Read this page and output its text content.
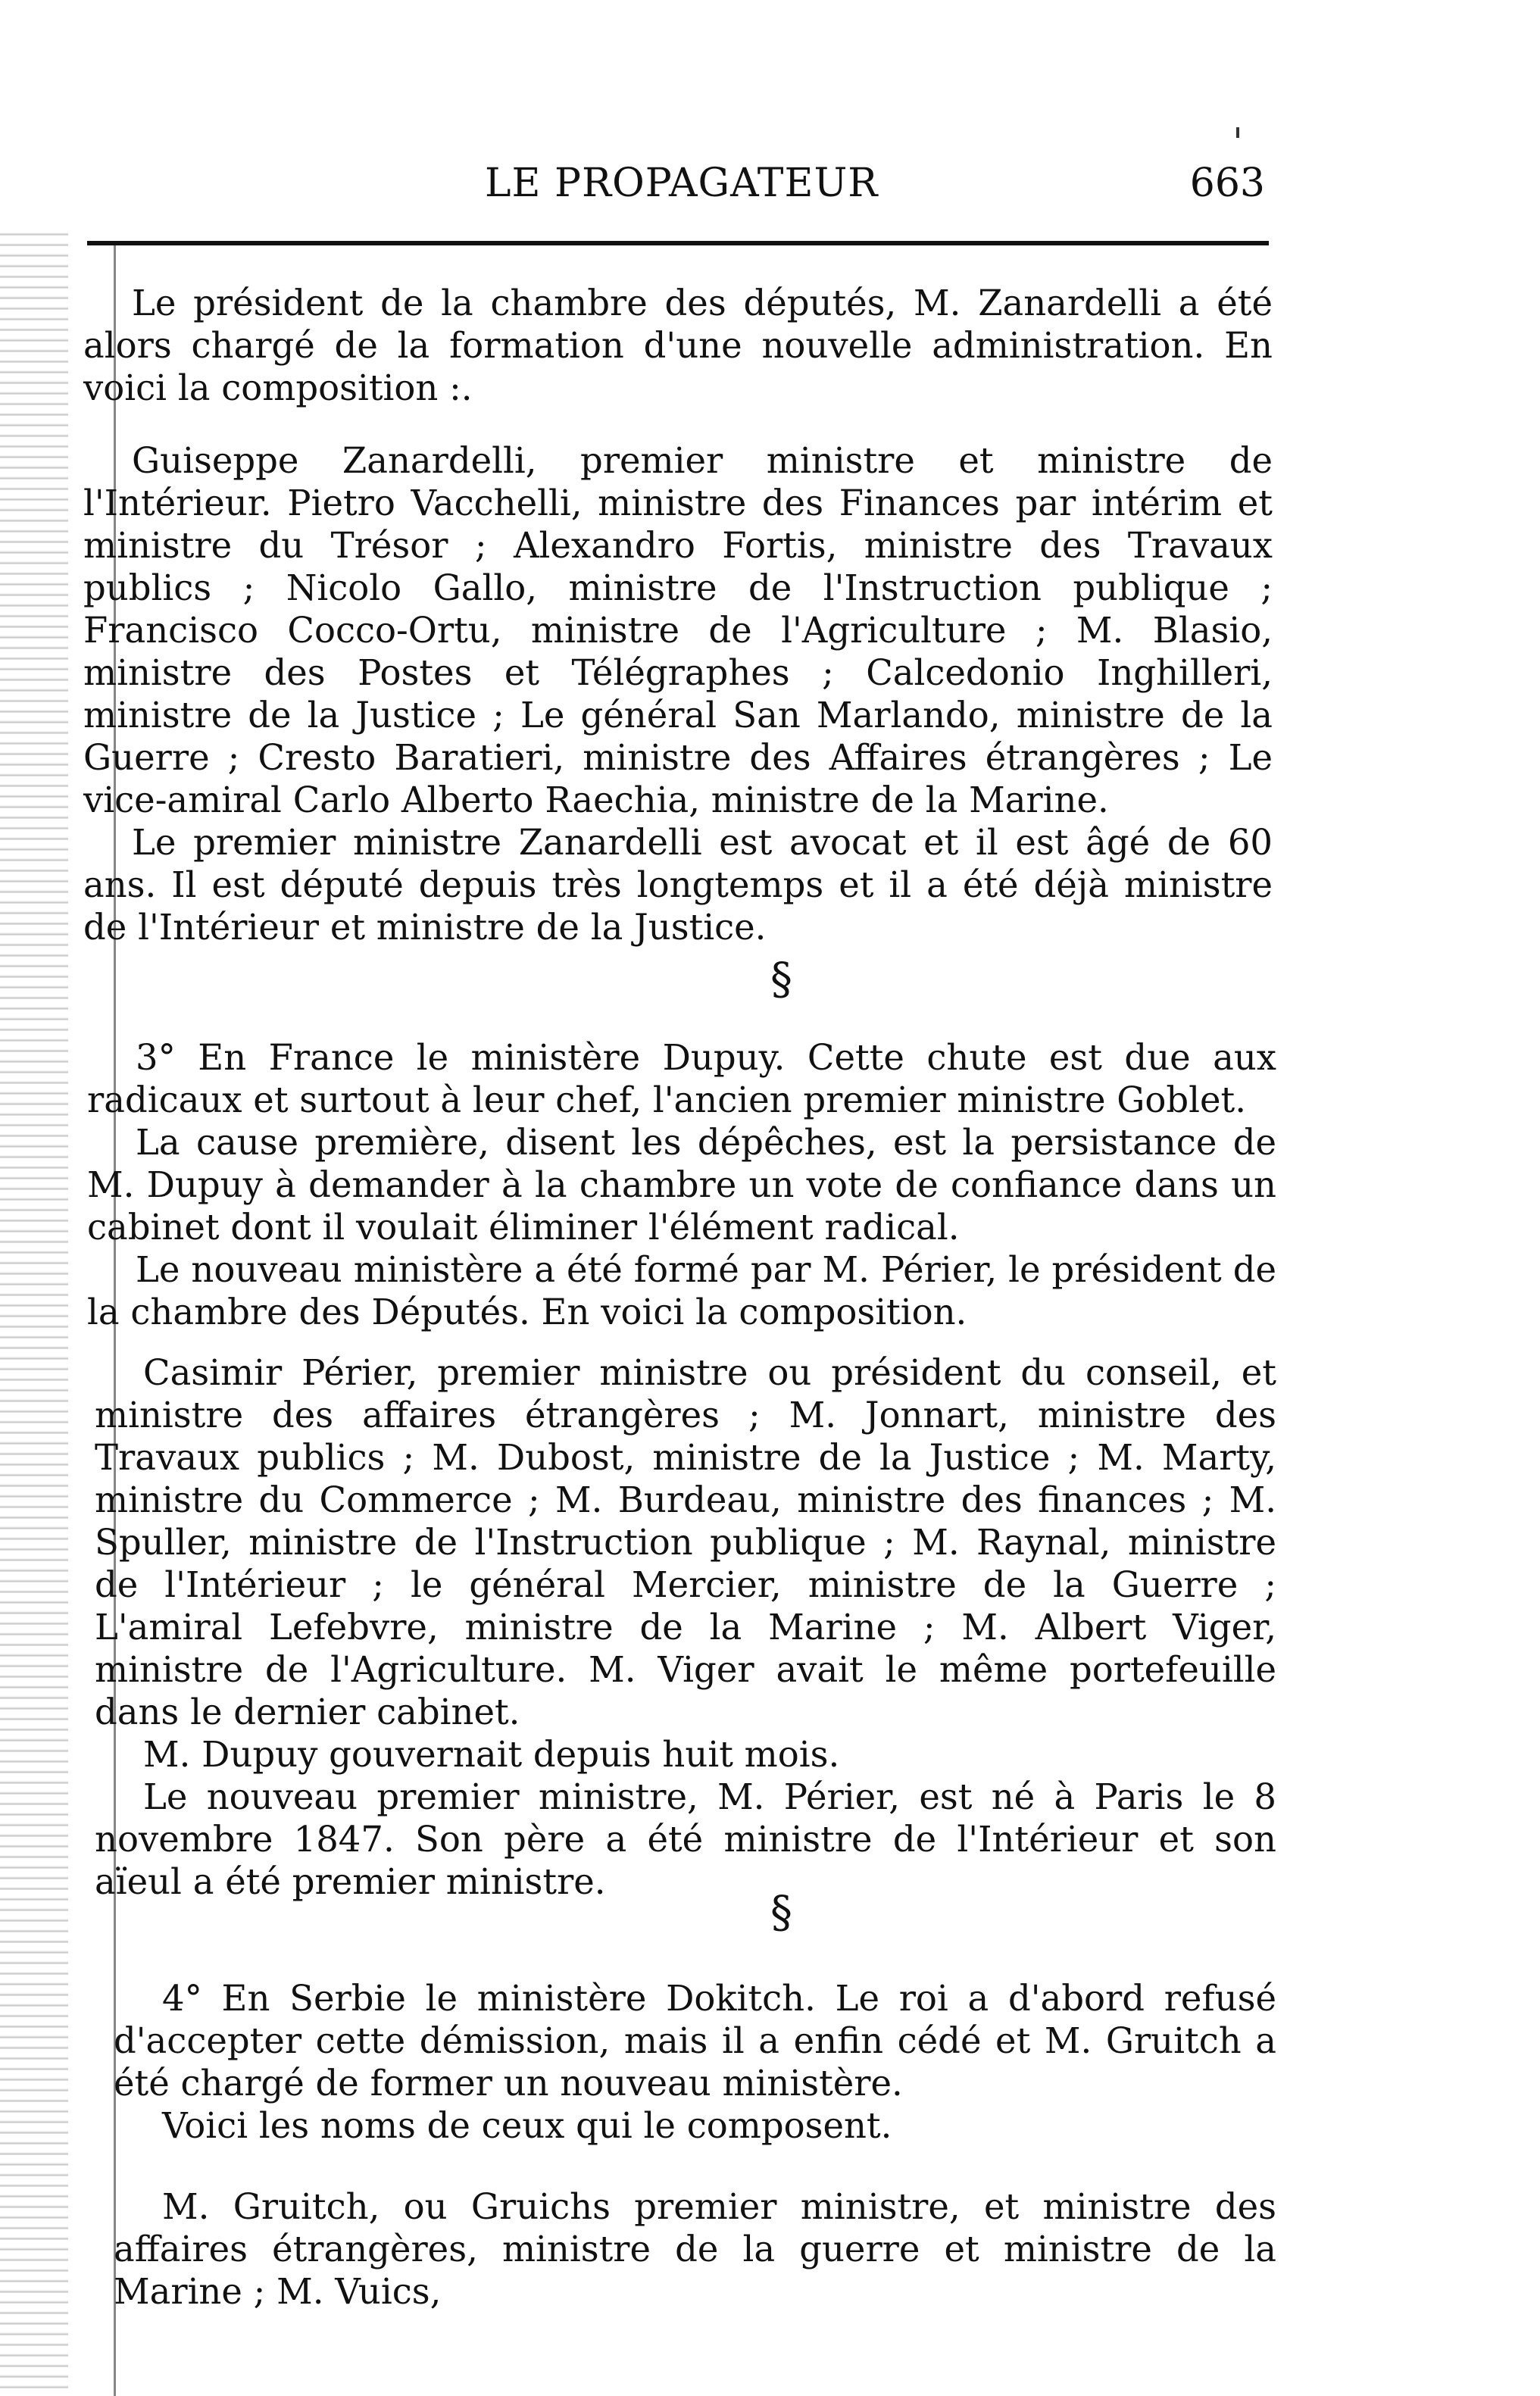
LE PROPAGATEUR	663

Le président de la chambre des députés, M. Zanardelli a été alors chargé de la formation d'une nouvelle administration. En voici la composition :.

Guiseppe Zanardelli, premier ministre et ministre de l'Intérieur. Pietro Vacchelli, ministre des Finances par intérim et ministre du Trésor ; Alexandro Fortis, ministre des Travaux publics ; Nicolo Gallo, ministre de l'Instruction publique ; Francisco Cocco-Ortu, ministre de l'Agriculture ; M. Blasio, ministre des Postes et Télégraphes ; Calcedonio Inghilleri, ministre de la Justice ; Le général San Marlando, ministre de la Guerre ; Cresto Baratieri, ministre des Affaires étrangères ; Le vice-amiral Carlo Alberto Raechia, ministre de la Marine.

Le premier ministre Zanardelli est avocat et il est âgé de 60 ans. Il est député depuis très longtemps et il a été déjà ministre de l'Intérieur et ministre de la Justice.

§

3° En France le ministère Dupuy. Cette chute est due aux radicaux et surtout à leur chef, l'ancien premier ministre Goblet.

La cause première, disent les dépêches, est la persistance de M. Dupuy à demander à la chambre un vote de confiance dans un cabinet dont il voulait éliminer l'élément radical.

Le nouveau ministère a été formé par M. Périer, le président de la chambre des Députés. En voici la composition.

Casimir Périer, premier ministre ou président du conseil, et ministre des affaires étrangères ; M. Jonnart, ministre des Travaux publics ; M. Dubost, ministre de la Justice ; M. Marty, ministre du Commerce ; M. Burdeau, ministre des finances ; M. Spuller, ministre de l'Instruction publique ; M. Raynal, ministre de l'Intérieur ; le général Mercier, ministre de la Guerre ; L'amiral Lefebvre, ministre de la Marine ; M. Albert Viger, ministre de l'Agriculture. M. Viger avait le même portefeuille dans le dernier cabinet.

M. Dupuy gouvernait depuis huit mois.

Le nouveau premier ministre, M. Périer, est né à Paris le 8 novembre 1847. Son père a été ministre de l'Intérieur et son aïeul a été premier ministre.

§

4° En Serbie le ministère Dokitch. Le roi a d'abord refusé d'accepter cette démission, mais il a enfin cédé et M. Gruitch a été chargé de former un nouveau ministère.

Voici les noms de ceux qui le composent.

M. Gruitch, ou Gruichs premier ministre, et ministre des affaires étrangères, ministre de la guerre et ministre de la Marine ; M. Vuics,
